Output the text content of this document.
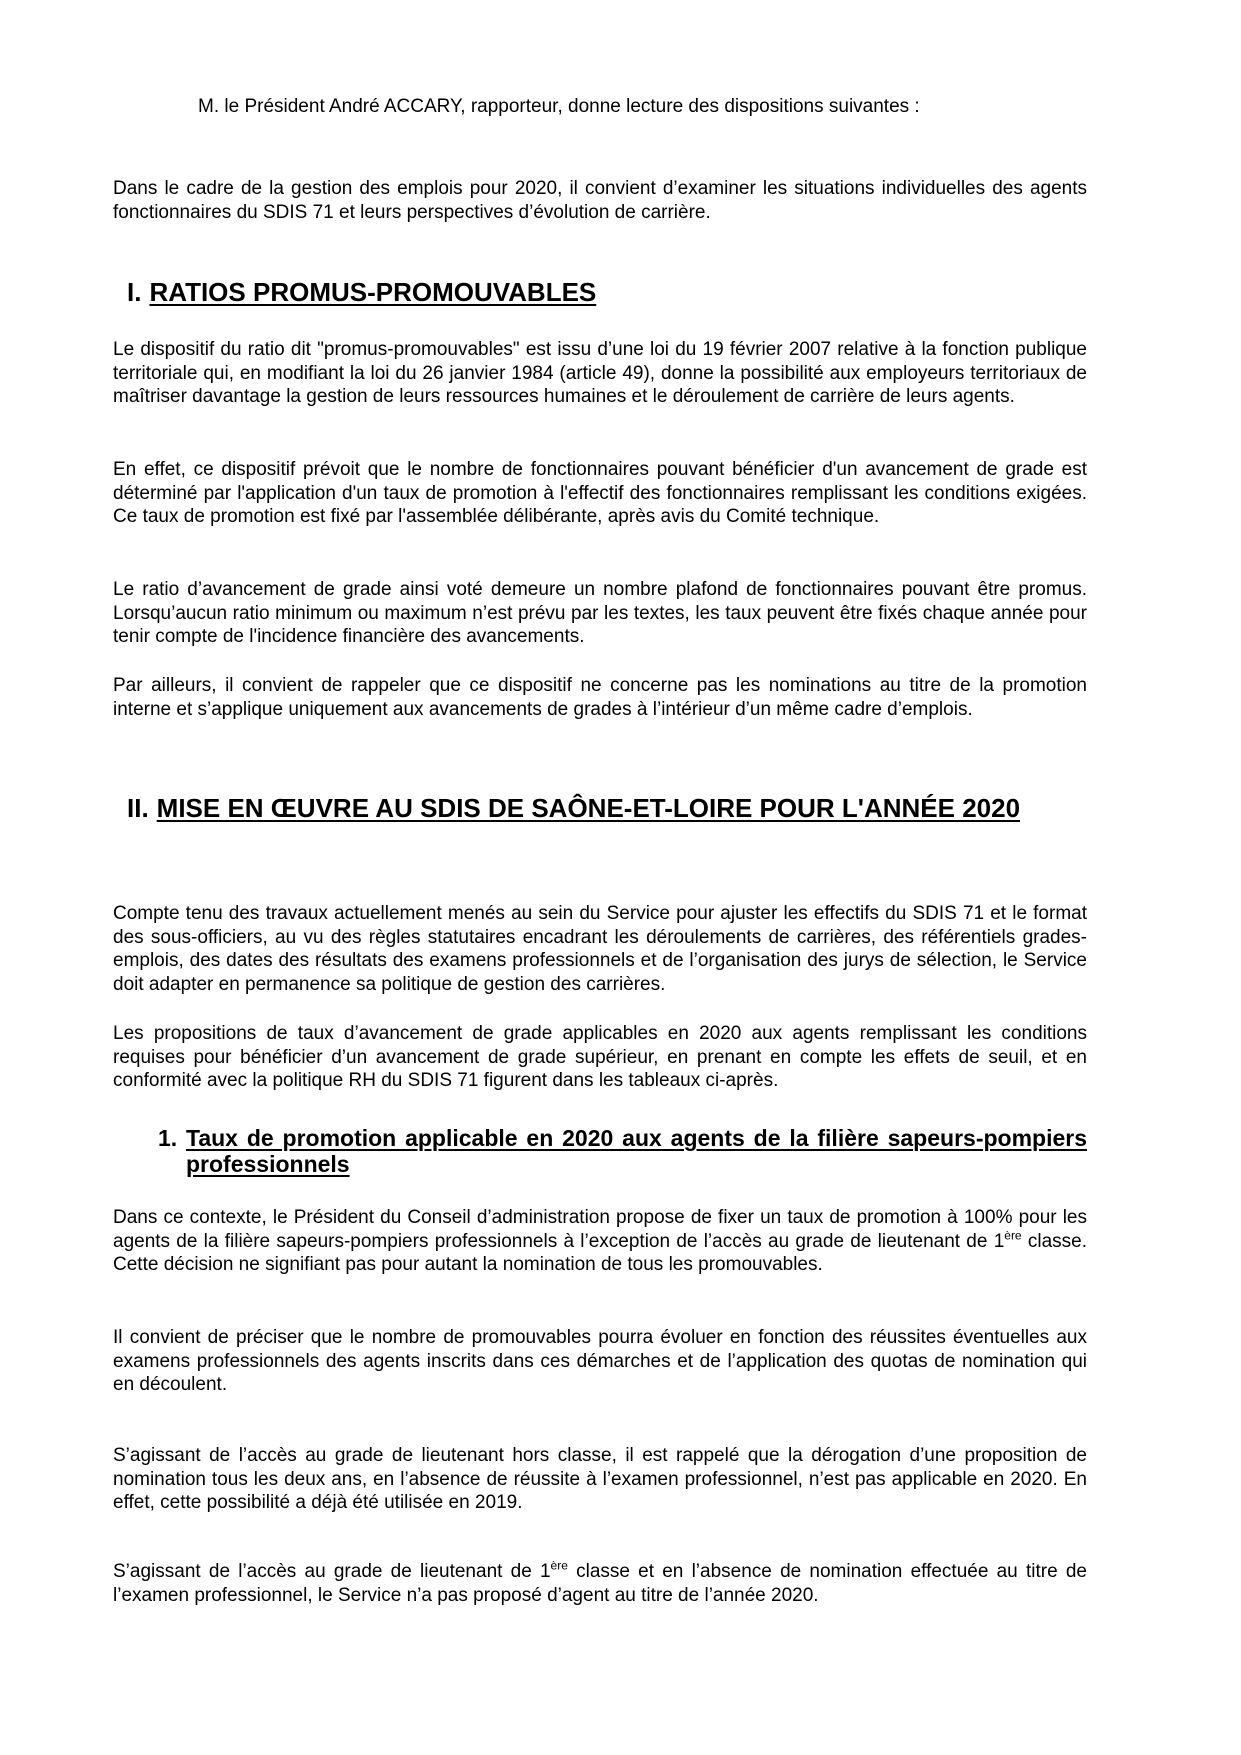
M. le Président André ACCARY, rapporteur, donne lecture des dispositions suivantes :

Dans le cadre de la gestion des emplois pour 2020, il convient d’examiner les situations individuelles des agents fonctionnaires du SDIS 71 et leurs perspectives d’évolution de carrière.

I. RATIOS PROMUS-PROMOUVABLES

Le dispositif du ratio dit "promus-promouvables" est issu d’une loi du 19 février 2007 relative à la fonction publique territoriale qui, en modifiant la loi du 26 janvier 1984 (article 49), donne la possibilité aux employeurs territoriaux de maîtriser davantage la gestion de leurs ressources humaines et le déroulement de carrière de leurs agents.

En effet, ce dispositif prévoit que le nombre de fonctionnaires pouvant bénéficier d'un avancement de grade est déterminé par l'application d'un taux de promotion à l'effectif des fonctionnaires remplissant les conditions exigées. Ce taux de promotion est fixé par l'assemblée délibérante, après avis du Comité technique.

Le ratio d’avancement de grade ainsi voté demeure un nombre plafond de fonctionnaires pouvant être promus. Lorsqu’aucun ratio minimum ou maximum n’est prévu par les textes, les taux peuvent être fixés chaque année pour tenir compte de l'incidence financière des avancements.

Par ailleurs, il convient de rappeler que ce dispositif ne concerne pas les nominations au titre de la promotion interne et s’applique uniquement aux avancements de grades à l’intérieur d’un même cadre d’emplois.

II. MISE EN ŒUVRE AU SDIS DE SAÔNE-ET-LOIRE POUR L'ANNÉE 2020

Compte tenu des travaux actuellement menés au sein du Service pour ajuster les effectifs du SDIS 71 et le format des sous-officiers, au vu des règles statutaires encadrant les déroulements de carrières, des référentiels grades-emplois, des dates des résultats des examens professionnels et de l’organisation des jurys de sélection, le Service doit adapter en permanence sa politique de gestion des carrières.

Les propositions de taux d’avancement de grade applicables en 2020 aux agents remplissant les conditions requises pour bénéficier d’un avancement de grade supérieur, en prenant en compte les effets de seuil, et en conformité avec la politique RH du SDIS 71 figurent dans les tableaux ci-après.

1. Taux de promotion applicable en 2020 aux agents de la filière sapeurs-pompiers professionnels

Dans ce contexte, le Président du Conseil d’administration propose de fixer un taux de promotion à 100% pour les agents de la filière sapeurs-pompiers professionnels à l’exception de l’accès au grade de lieutenant de 1ère classe. Cette décision ne signifiant pas pour autant la nomination de tous les promouvables.

Il convient de préciser que le nombre de promouvables pourra évoluer en fonction des réussites éventuelles aux examens professionnels des agents inscrits dans ces démarches et de l’application des quotas de nomination qui en découlent.

S’agissant de l’accès au grade de lieutenant hors classe, il est rappelé que la dérogation d’une proposition de nomination tous les deux ans, en l’absence de réussite à l’examen professionnel, n’est pas applicable en 2020. En effet, cette possibilité a déjà été utilisée en 2019.

S’agissant de l’accès au grade de lieutenant de 1ère classe et en l’absence de nomination effectuée au titre de l’examen professionnel, le Service n’a pas proposé d’agent au titre de l’année 2020.
